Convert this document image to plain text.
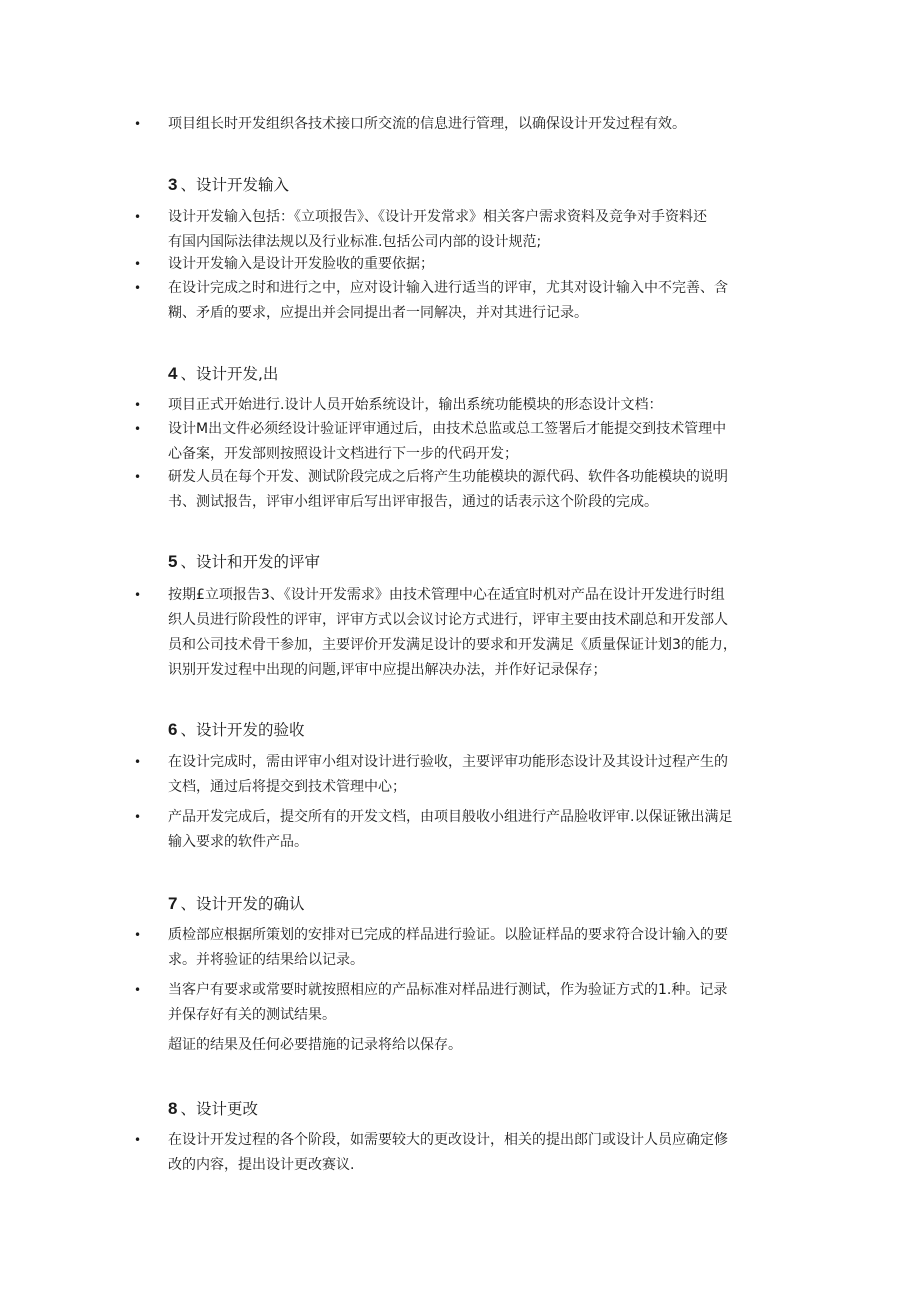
•	项目组长时开发组织各技术接口所交流的信息进行管理，以确保设计开发过程有效。
3 、设计开发输入
•	设计开发输入包括：《立项报告》、《设计开发常求》相关客户需求资料及竞争对手资料还
有国内国际法律法规以及行业标准.包括公司内部的设计规范;
•	设计开发输入是设计开发脸收的重要依据；
•	在设计完成之时和进行之中，应对设计输入进行适当的评审，尤其对设计输入中不完善、含
糊、矛盾的要求，应提出并会同提出者一同解决，并对其进行记录。
4 、设计开发,出
•	项目正式开始进行.设计人员开始系统设计，输出系统功能模块的形态设计文档：
•	设计M出文件必须经设计验证评审通过后，由技术总监或总工签署后才能提交到技术管理中
心备案，开发部则按照设计文档进行下一步的代码开发；
•	研发人员在每个开发、测试阶段完成之后将产生功能模块的源代码、软件各功能模块的说明
书、测试报告，评审小组评审后写出评审报告，通过的话表示这个阶段的完成。
5 、设计和开发的评审
•	按期£立项报告3、《设计开发需求》由技术管理中心在适宜时机对产品在设计开发进行时组
织人员进行阶段性的评审，评审方式以会议讨论方式进行，评审主要由技术副总和开发部人
员和公司技术骨干参加，主要评价开发满足设计的要求和开发满足《质量保证计划3的能力，
识别开发过程中出现的问题,评审中应提出解决办法，并作好记录保存；
6 、设计开发的验收
•	在设计完成时，需由评审小组对设计进行验收，主要评审功能形态设计及其设计过程产生的
文档，通过后将提交到技术管理中心；
•	产品开发完成后，提交所有的开发文档，由项目般收小组进行产品脸收评审.以保证锹出满足
输入要求的软件产品。
7 、设计开发的确认
•	质检部应根据所策划的安排对已完成的样品进行验证。以脸证样品的要求符合设计输入的要
求。并将验证的结果给以记录。
•	当客户有要求或常要时就按照相应的产品标准对样品进行测试，作为验证方式的1.种。记录
并保存好有关的测试结果。
超证的结果及任何必要措施的记录将给以保存。
8 、设计更改
•	在设计开发过程的各个阶段，如需要较大的更改设计，相关的提出郎门或设计人员应确定修
改的内容，提出设计更改赛议.
